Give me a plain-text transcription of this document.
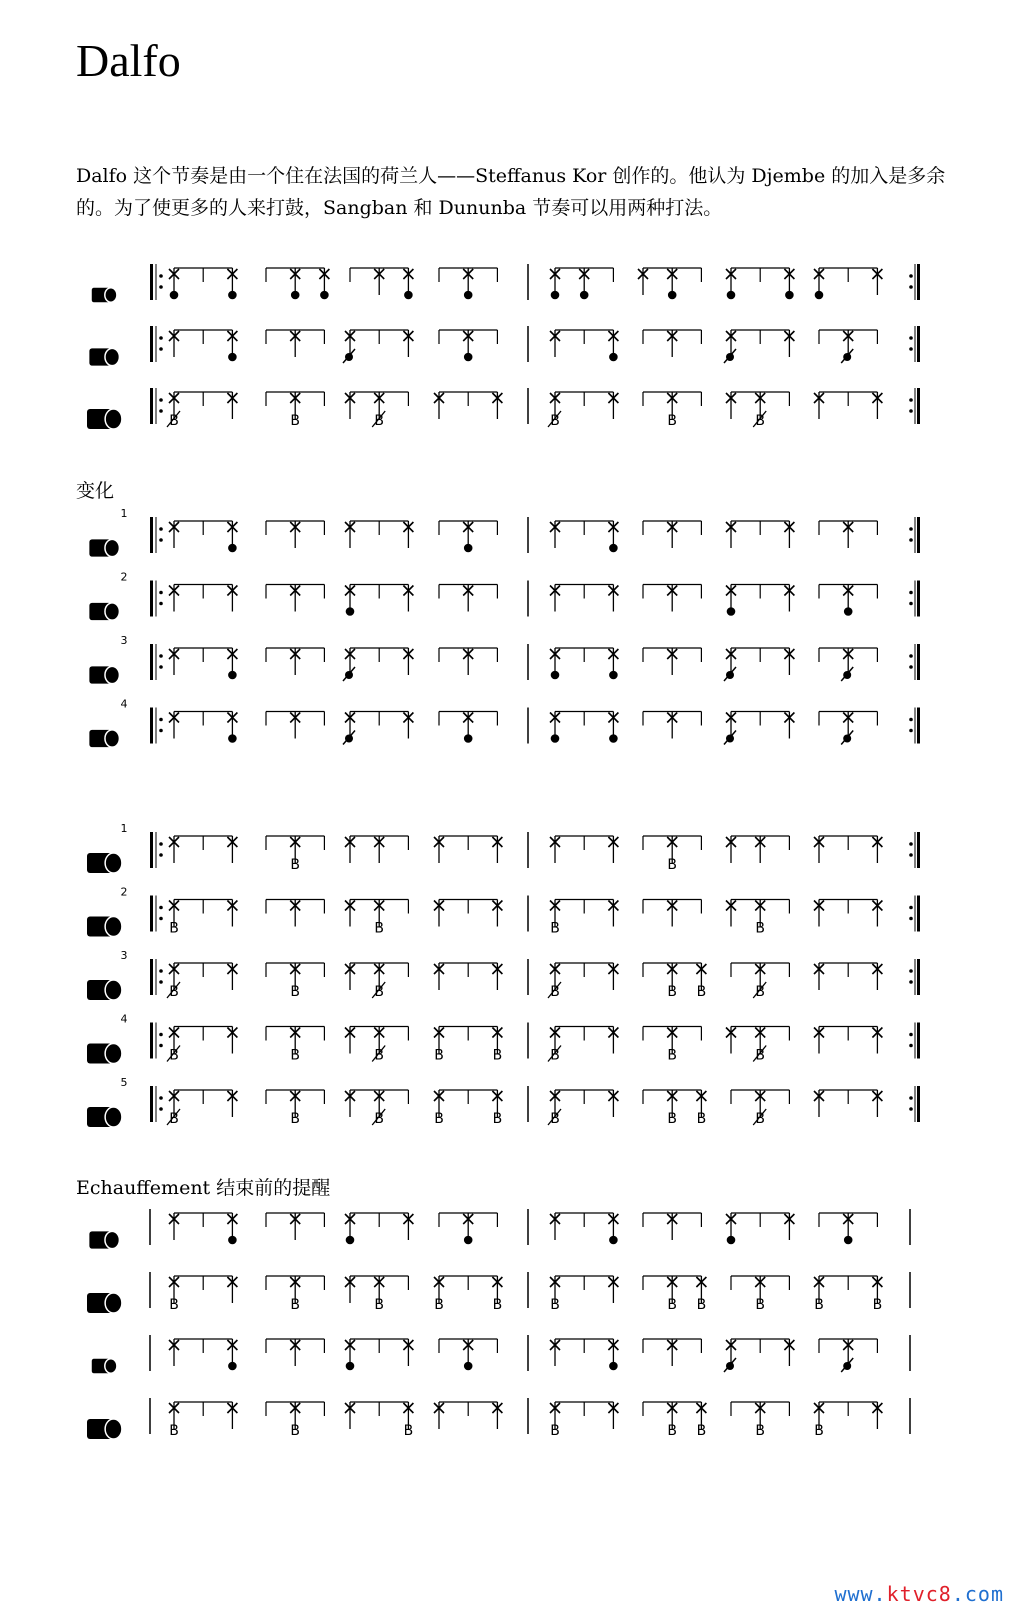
Dalfo
Dalfo 这个节奏是由一个住在法国的荷兰人——Steffanus Kor 创作的。他认为 Djembe 的加入是多余的。为了使更多的人来打鼓，Sangban 和 Dununba 节奏可以用两种打法。
变化
Echauffement 结束前的提醒
B	B	B	B	B	B
1
2
3
4
1
B	B
2
B	B	B	B
3
B	B	B	B	B B	B
4
B	B	B	B	B	B	B	B
5
B	B	B	B	B	B	B B	B
B	B	B	B	B	B	B B	B	B	B
B	B	B	B	B B	B	B
www.ktvc8.com
